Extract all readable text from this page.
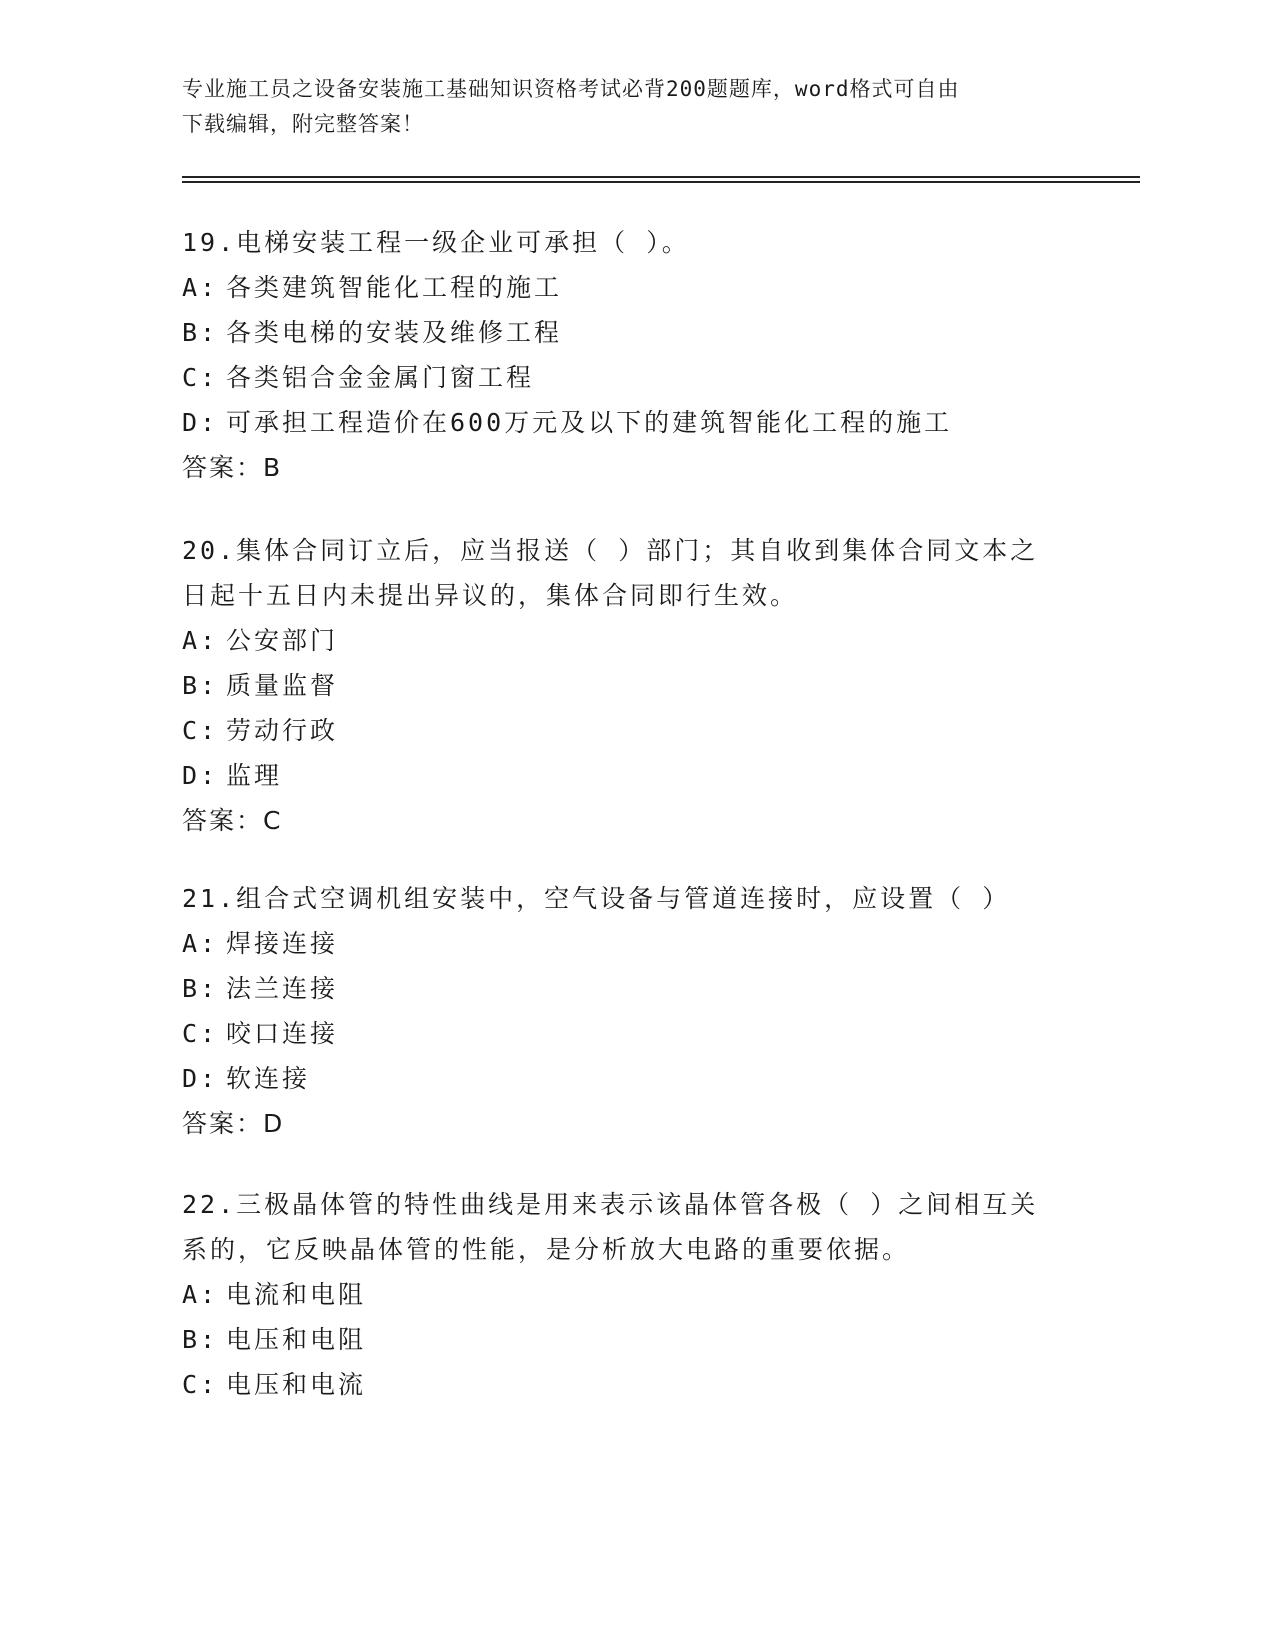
专业施工员之设备安装施工基础知识资格考试必背200题题库，word格式可自由
下载编辑，附完整答案！

19.电梯安装工程一级企业可承担（ ）。

A: 各类建筑智能化工程的施工

B: 各类电梯的安装及维修工程

C: 各类铝合金金属门窗工程

D: 可承担工程造价在600万元及以下的建筑智能化工程的施工

答案：B

20.集体合同订立后，应当报送（ ）部门；其自收到集体合同文本之

日起十五日内未提出异议的，集体合同即行生效。

A: 公安部门

B: 质量监督

C: 劳动行政

D: 监理

答案：C

21.组合式空调机组安装中，空气设备与管道连接时，应设置（ ）

A: 焊接连接

B: 法兰连接

C: 咬口连接

D: 软连接

答案：D

22.三极晶体管的特性曲线是用来表示该晶体管各极（ ）之间相互关

系的，它反映晶体管的性能，是分析放大电路的重要依据。

A: 电流和电阻

B: 电压和电阻

C: 电压和电流
